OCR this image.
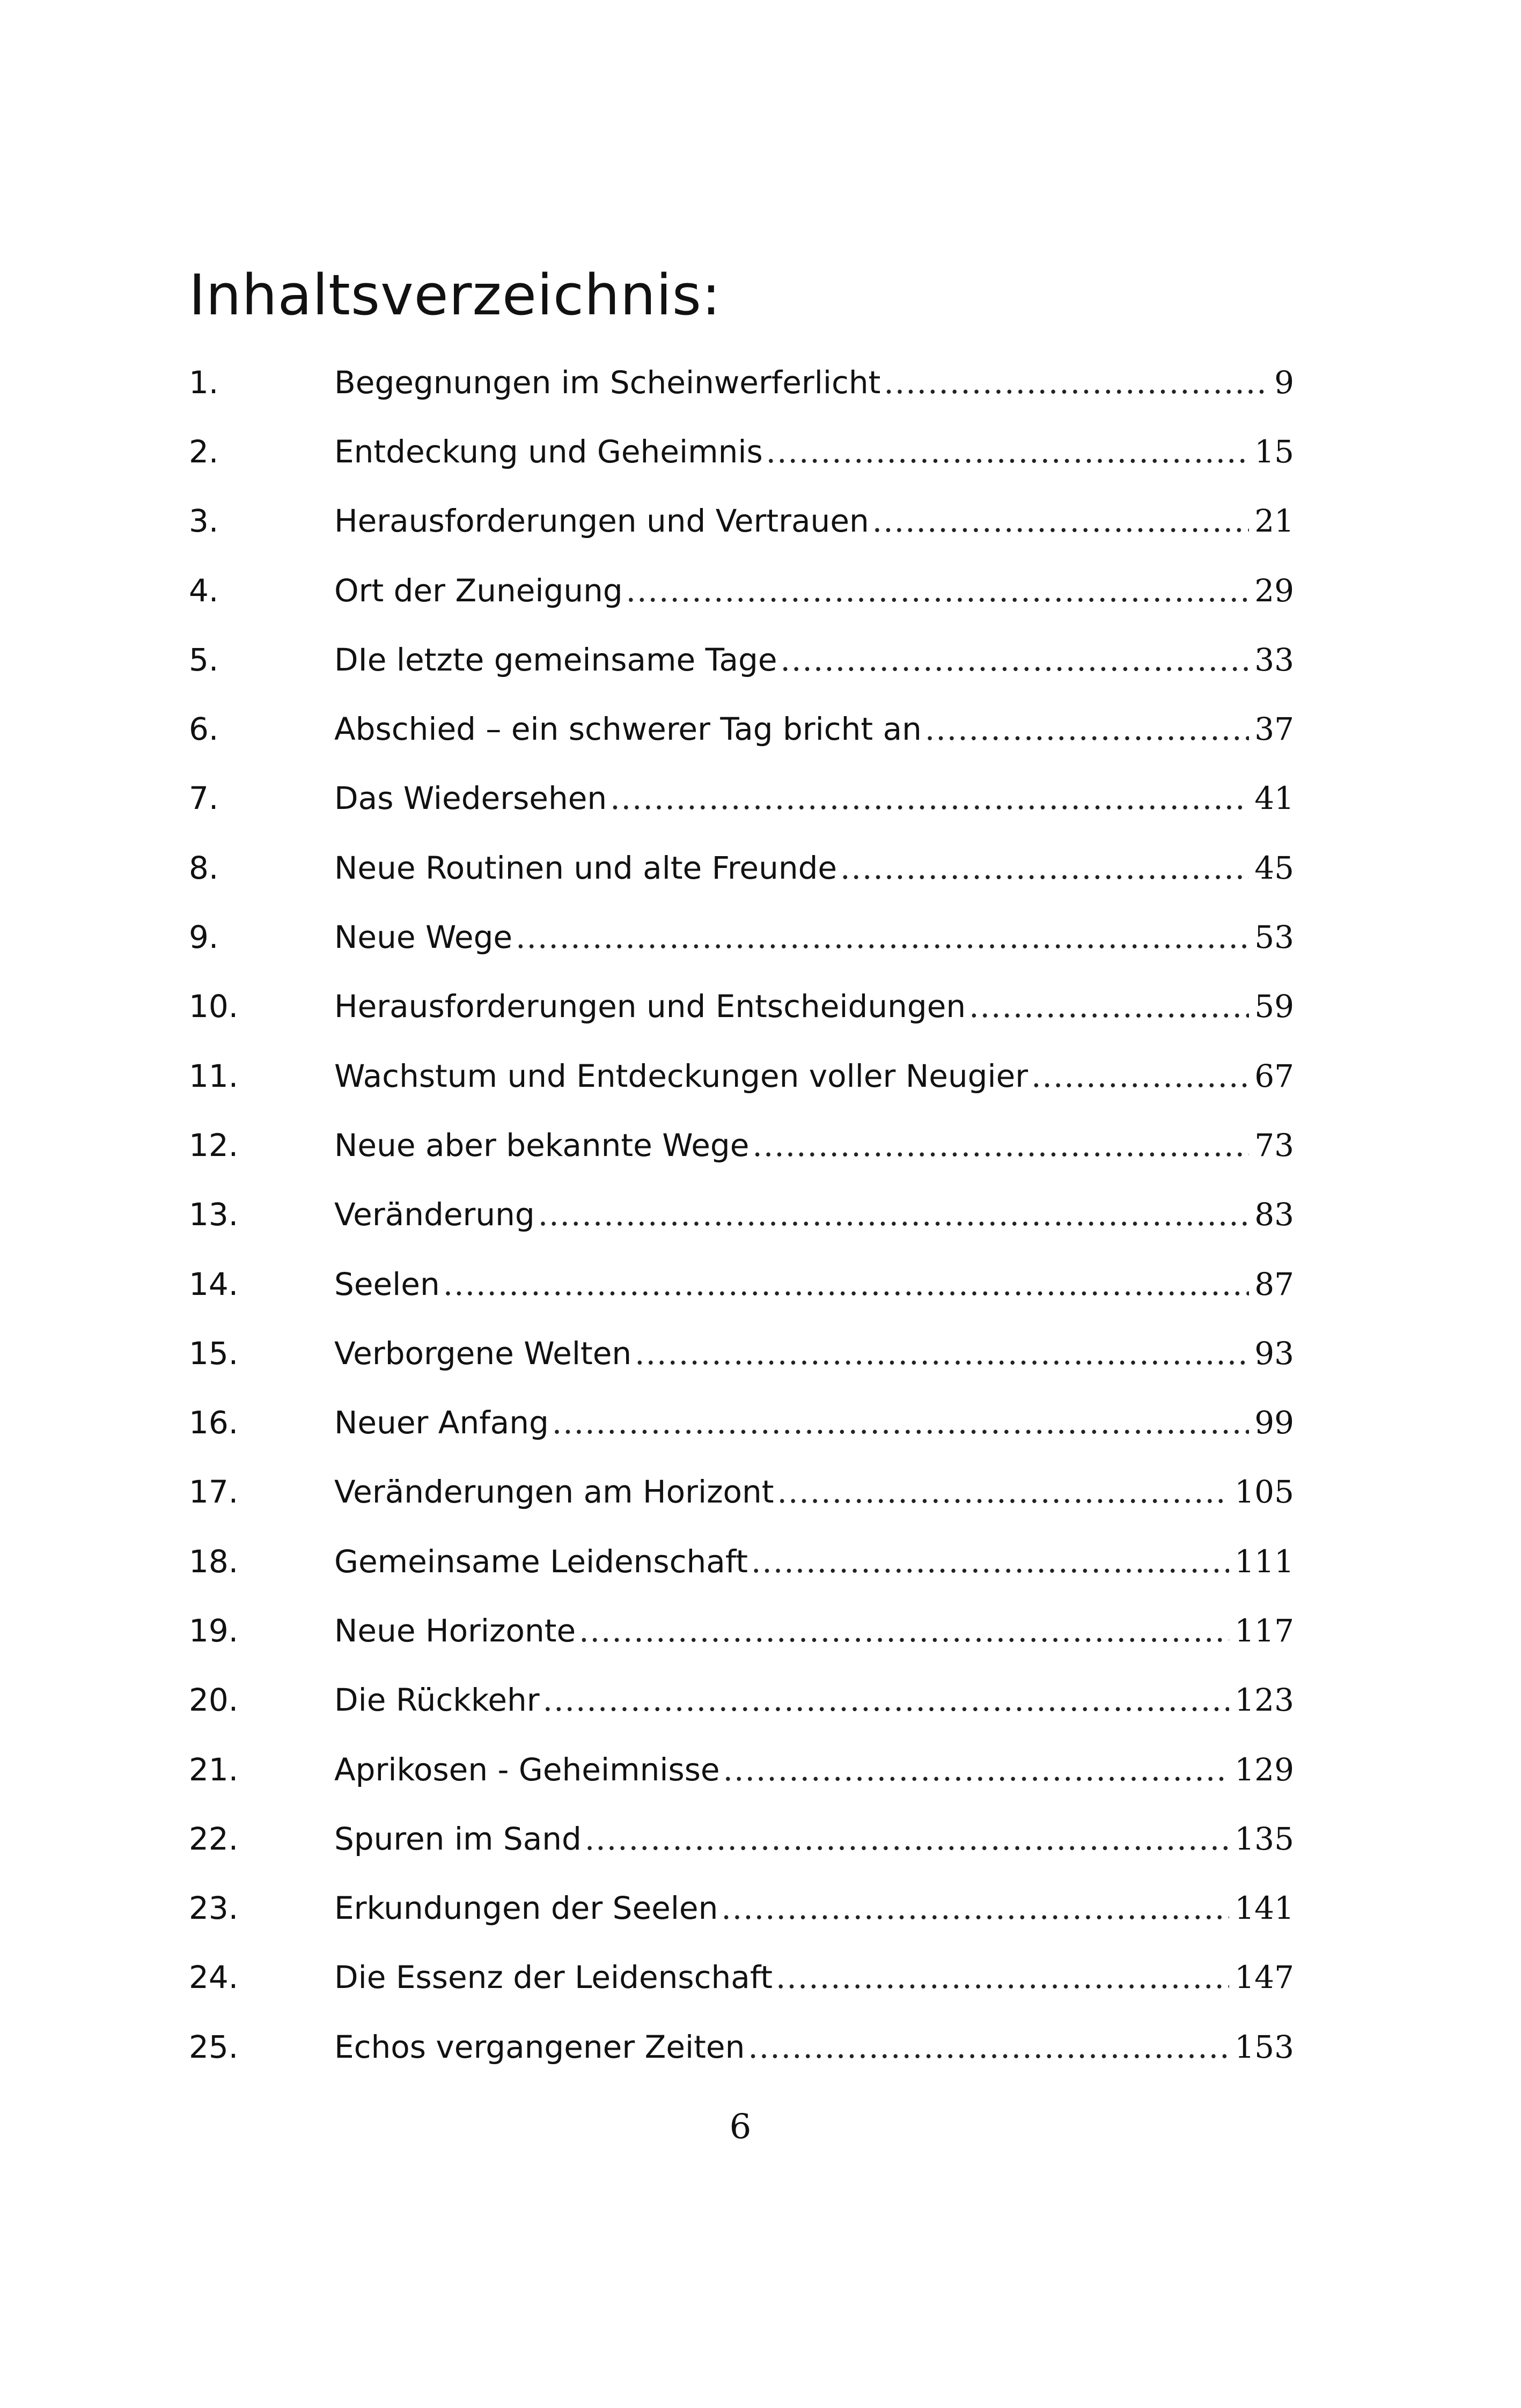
Inhaltsverzeichnis:
1.	Begegnungen im Scheinwerferlicht .....	9
2.	Entdeckung und Geheimnis .....	15
3.	Herausforderungen und Vertrauen .....	21
4.	Ort der Zuneigung .....	29
5.	DIe letzte gemeinsame Tage .....	33
6.	Abschied – ein schwerer Tag bricht an .....	37
7.	Das Wiedersehen .....	41
8.	Neue Routinen und alte Freunde .....	45
9.	Neue Wege .....	53
10.	Herausforderungen und Entscheidungen .....	59
11.	Wachstum und Entdeckungen voller Neugier .....	67
12.	Neue aber bekannte Wege .....	73
13.	Veränderung .....	83
14.	Seelen .....	87
15.	Verborgene Welten .....	93
16.	Neuer Anfang .....	99
17.	Veränderungen am Horizont .....	105
18.	Gemeinsame Leidenschaft .....	111
19.	Neue Horizonte .....	117
20.	Die Rückkehr .....	123
21.	Aprikosen - Geheimnisse .....	129
22.	Spuren im Sand .....	135
23.	Erkundungen der Seelen .....	141
24.	Die Essenz der Leidenschaft .....	147
25.	Echos vergangener Zeiten .....	153
6
